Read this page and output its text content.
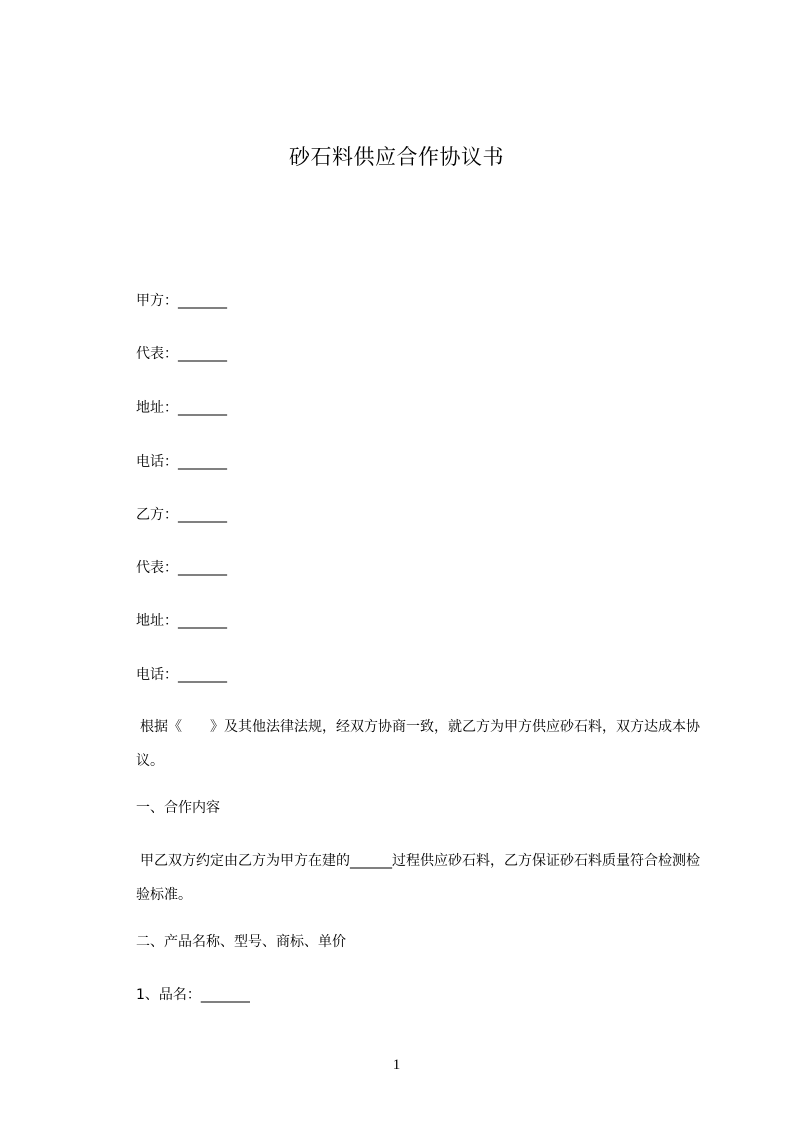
砂石料供应合作协议书
甲方：_______
代表：_______
地址：_______
电话：_______
乙方：_______
代表：_______
地址：_______
电话：_______
根据《　　》及其他法律法规，经双方协商一致，就乙方为甲方供应砂石料，双方达成本协议。
一、合作内容
甲乙双方约定由乙方为甲方在建的______过程供应砂石料，乙方保证砂石料质量符合检测检验标准。
二、产品名称、型号、商标、单价
1、品名：_______
1
